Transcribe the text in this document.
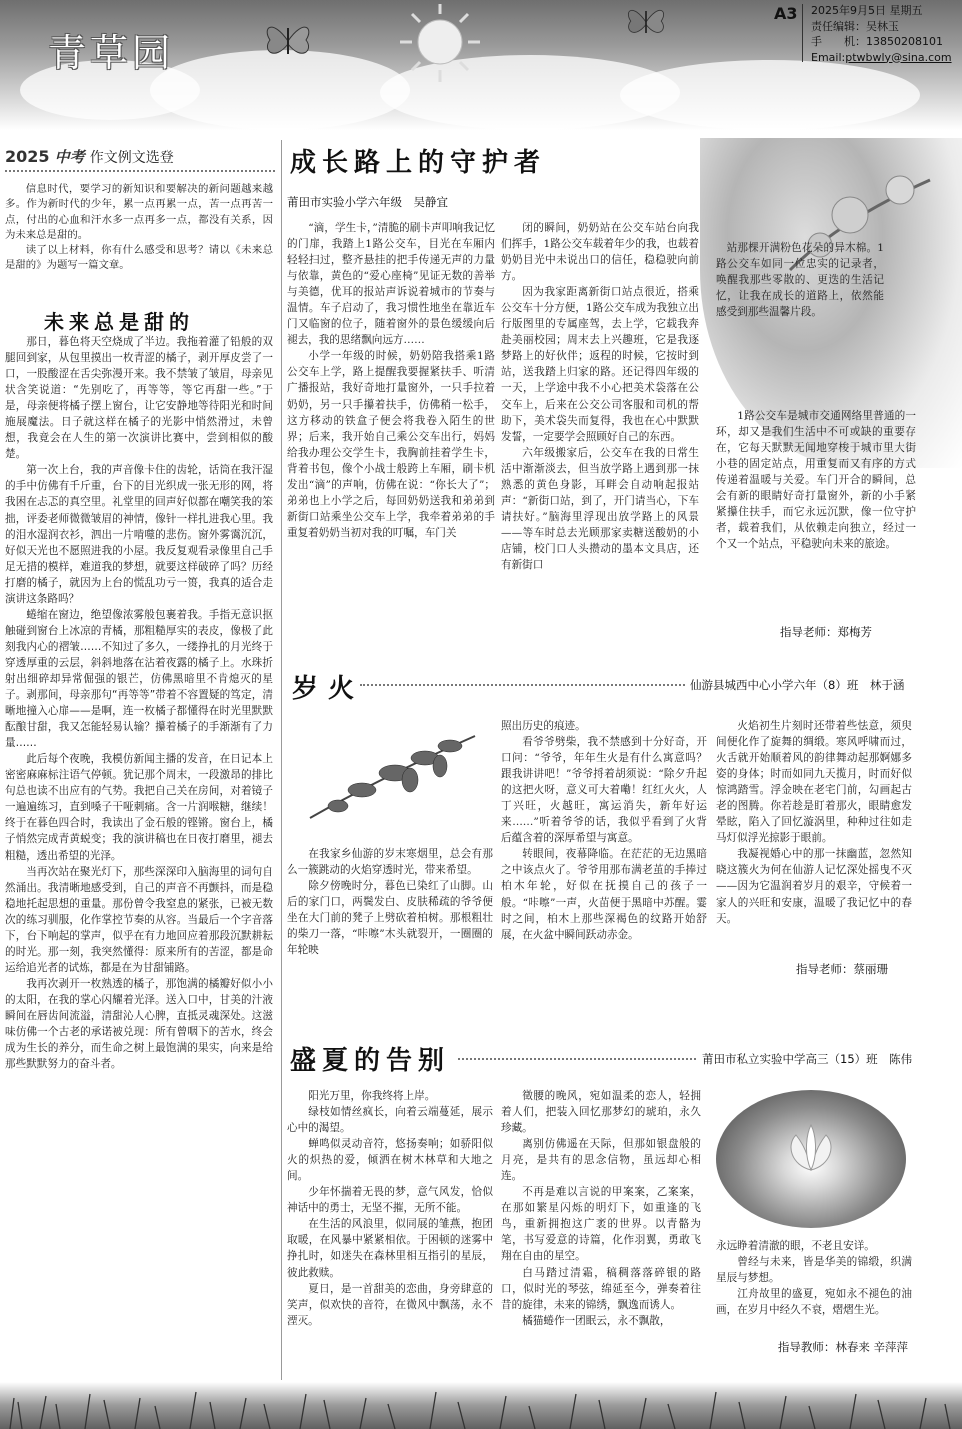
青草园
A3 2025年9月5日 星期五
责任编辑：吴林玉
手　　机：13850208101
Email:ptwbwly@sina.com
2025 中考 作文例文选登

信息时代，要学习的新知识和要解决的新问题越来越多。作为新时代的少年，累一点再累一点，苦一点再苦一点，付出的心血和汗水多一点再多一点，都没有关系，因为未来总是甜的。

读了以上材料，你有什么感受和思考？请以《未来总是甜的》为题写一篇文章。

未来总是甜的

那日，暮色将天空烧成了半边。我拖着灌了铅般的双腿回到家，从包里摸出一枚青涩的橘子，剥开厚皮尝了一口，一股酸涩在舌尖弥漫开来。我不禁皱了皱眉，母亲见状含笑说道：“先别吃了，再等等，等它再甜一些。”于是，母亲便将橘子摆上窗台，让它安静地等待阳光和时间施展魔法。日子就这样在橘子的光影中悄然滑过，未曾想，我竟会在人生的第一次演讲比赛中，尝到相似的酸楚。

第一次上台，我的声音像卡住的齿轮，话筒在我汗湿的手中仿佛有千斤重，台下的目光织成一张无形的网，将我困在忐忑的真空里。礼堂里的回声好似都在嘲笑我的笨拙，评委老师微微皱眉的神情，像针一样扎进我心里。我的泪水湿润衣衫，泗出一片啃噬的悲伤。窗外雾霭沉沉，好似天光也不愿照进我的小屋。我反复观看录像里自己手足无措的模样，难道我的梦想，就要这样破碎了吗？历经打磨的橘子，就因为上台的慌乱功亏一篑，我真的适合走演讲这条路吗？

蜷缩在窗边，绝望像浓雾般包裹着我。手指无意识抠触碰到窗台上冰凉的青橘，那粗糙厚实的表皮，像极了此刻我内心的褶皱……不知过了多久，一缕挣扎的月光终于穿透厚重的云层，斜斜地落在沾着夜露的橘子上。水珠折射出细碎却异常倔强的银芒，仿佛黑暗里不肯熄灭的星子。剥那间，母亲那句“再等等”带着不容置疑的笃定，清晰地撞入心扉——是啊，连一枚橘子都懂得在时光里默默酝酿甘甜，我又怎能轻易认输？攥着橘子的手渐渐有了力量……

此后每个夜晚，我模仿新闻主播的发音，在日记本上密密麻麻标注语气停顿。犹记那个周末，一段激昂的排比句总也读不出应有的气势。我把自己关在房间，对着镜子一遍遍练习，直到嗓子干哑刺痛。含一片润喉糖，继续！终于在暮色四合时，我读出了金石般的铿锵。窗台上，橘子悄然完成青黄蜕变；我的演讲稿也在日夜打磨里，褪去粗糙，透出希望的光泽。

当再次站在聚光灯下，那些深深印入脑海里的词句自然涌出。我清晰地感受到，自己的声音不再颤抖，而是稳稳地托起思想的重量。那份曾令我窒息的紧张，已被无数次的练习驯服，化作掌控节奏的从容。当最后一个字音落下，台下响起的掌声，似乎在有力地回应着那段沉默耕耘的时光。那一刻，我突然懂得：原来所有的苦涩，都是命运给追光者的试炼，都是在为甘甜铺路。

我再次剥开一枚熟透的橘子，那饱满的橘瓣好似小小的太阳，在我的掌心闪耀着光泽。送入口中，甘美的汁液瞬间在唇齿间流溢，清甜沁人心脾，直抵灵魂深处。这滋味仿佛一个古老的承诺被兑现：所有曾咽下的苦水，终会成为生长的养分，而生命之树上最饱满的果实，向来是给那些默默努力的奋斗者。

成长路上的守护者
莆田市实验小学六年级　吴静宜

“滴，学生卡，”清脆的刷卡声叩响我记忆的门扉，我踏上1路公交车，目光在车厢内轻轻扫过，整齐悬挂的把手传递无声的力量与依靠，黄色的“爱心座椅”见证无数的善举与美德，优耳的报站声诉说着城市的节奏与温情。车子启动了，我习惯性地坐在靠近车门又临窗的位子，随着窗外的景色缓缓向后褪去，我的思绪飘向远方……

小学一年级的时候，奶奶陪我搭乘1路公交车上学，路上提醒我要握紧扶手、听清广播报站，我好奇地打量窗外，一只手拉着奶奶，另一只手攥着扶手，仿佛稍一松手，这方移动的铁盒子便会将我卷入陌生的世界；后来，我开始自己乘公交车出行，妈妈给我办理公交学生卡，我胸前挂着学生卡，背着书包，像个小战士般跨上车厢，刷卡机发出“滴”的声响，仿佛在说：“你长大了”；弟弟也上小学之后，每回奶奶送我和弟弟到新街口站乘坐公交车上学，我牵着弟弟的手重复着奶奶当初对我的叮嘱，车门关

闭的瞬间，奶奶站在公交车站台向我们挥手，1路公交车载着年少的我，也载着奶奶目光中未说出口的信任，稳稳驶向前方。

因为我家距离新街口站点很近，搭乘公交车十分方便，1路公交车成为我独立出行版图里的专属座驾，去上学，它载我奔赴美丽校园；周末去上兴趣班，它是我逐梦路上的好伙伴；返程的时候，它按时到站，送我踏上归家的路。还记得四年级的一天，上学途中我不小心把美术袋落在公交车上，后来在公交公司客服和司机的帮助下，美术袋失而复得，我也在心中默默发誓，一定要学会照顾好自己的东西。

六年级搬家后，公交车在我的日常生活中渐渐淡去，但当放学路上遇到那一抹熟悉的黄色身影，耳畔会自动响起报站声：“新街口站，到了，开门请当心，下车请扶好。”脑海里浮现出放学路上的风景——等车时总去光顾那家卖糖送酸奶的小店铺，校门口人头攒动的墨本文具店，还有新街口

站那棵开满粉色花朵的异木棉。1路公交车如同一位忠实的记录者，唤醒我那些零散的、更迭的生活记忆，让我在成长的道路上，依然能感受到那些温馨片段。

1路公交车是城市交通网络里普通的一环，却又是我们生活中不可或缺的重要存在，它每天默默无闻地穿梭于城市里大街小巷的固定站点，用重复而又有序的方式传递着温暖与关爱。车门开合的瞬间，总会有新的眼睛好奇打量窗外，新的小手紧紧攥住扶手，而它永远沉默，像一位守护者，载着我们，从依赖走向独立，经过一个又一个站点，平稳驶向未来的旅途。

指导老师：郑梅芳
岁火	仙游县城西中心小学六年（8）班　林于涵

在我家乡仙游的岁末寒烟里，总会有那么一簇跳动的火焰穿透时光，带来希望。

除夕傍晚时分，暮色已染红了山脚。山后的家门口，两鬓发白、皮肤稀疏的爷爷便坐在大门前的凳子上劈砍着柏树。那根粗壮的柴刀一落，“咔嚓”木头就裂开，一圈圈的年轮映

照出历史的痕迹。

看爷爷劈柴，我不禁感到十分好奇，开口问：“爷爷，年年生火是有什么寓意吗？跟我讲讲吧！”爷爷捋着胡须说：“除夕升起的这把火呀，意义可大着嘞！红红火火，人丁兴旺，火越旺，寓运消失，新年好运来……”听着爷爷的话，我似乎看到了火背后蕴含着的深厚希望与寓意。

转眼间，夜幕降临。在茫茫的无边黑暗之中该点火了。爷爷用那布满老茧的手捧过柏木年轮，好似在抚摸自己的孩子一般。“咔嚓”一声，火苗便于黑暗中苏醒。霎时之间，柏木上那些深褐色的纹路开始舒展，在火盆中瞬间跃动赤金。

火焰初生片刻时还带着些怯意，须臾间便化作了旋舞的绸缎。寒风呼啸而过，火舌就开始顺着风的韵律舞动起那婀娜多姿的身体；时而如同九天揽月，时而好似惊鸿踏雪。浮金映在老宅门前，勾画起古老的图腾。你若趁是盯着那火，眼睛愈发晕眩，陷入了回忆漩涡里，种种过往如走马灯似浮光掠影于眼前。

我凝视婚心中的那一抹幽蓝，忽然知晓这簇火为何在仙游人记忆深处摇曳不灭——因为它温润着岁月的艰辛，守候着一家人的兴旺和安康，温暖了我记忆中的春天。

指导老师：蔡丽珊
盛夏的告别	莆田市私立实验中学高三（15）班　陈伟

阳光万里，你我终将上岸。

绿枝如情丝疯长，向着云端蔓延，展示心中的渴望。

蝉鸣似灵动音符，悠扬奏响；如骄阳似火的炽热的爱，倾洒在树木林草和大地之间。

少年怀揣着无畏的梦，意气风发，恰似神话中的勇士，无坚不摧，无所不能。

在生活的风浪里，似同展的雏燕，抱团取暖，在风暴中紧紧相依。于困顿的迷雾中挣扎时，如迷失在森林里相互指引的星辰，彼此救赎。

夏日，是一首甜美的恋曲，身旁肆意的笑声，似欢快的音符，在微风中飘荡，永不湮灭。

徵腰的晚风，宛如温柔的恋人，轻拥着人们，把装入回忆那梦幻的琥珀，永久珍藏。

离别仿佛遥在天际，但那如银盘般的月亮，是共有的思念信物，虽远却心相连。

不再是难以言说的甲案案，乙案案，在那如繁星闪烁的明灯下，如重逢的飞鸟，重新拥抱这广袤的世界。以青骼为笔，书写爱意的诗篇，化作羽翼，勇敢飞翔在自由的星空。

白马踏过清霜，稿稠落落碎银的路口，似时光的琴弦，绵延至今，弹奏着往昔的旋律，未来的锦绣，飘逸而诱人。

橘猫蜷作一团眠云，永不飘散，

永远睁着清澈的眼，不老且安详。

曾经与未来，皆是华美的锦缎，织满星辰与梦想。

江舟故里的盛夏，宛如永不褪色的油画，在岁月中经久不衰，熠熠生光。

指导教师：林春来 辛萍萍
